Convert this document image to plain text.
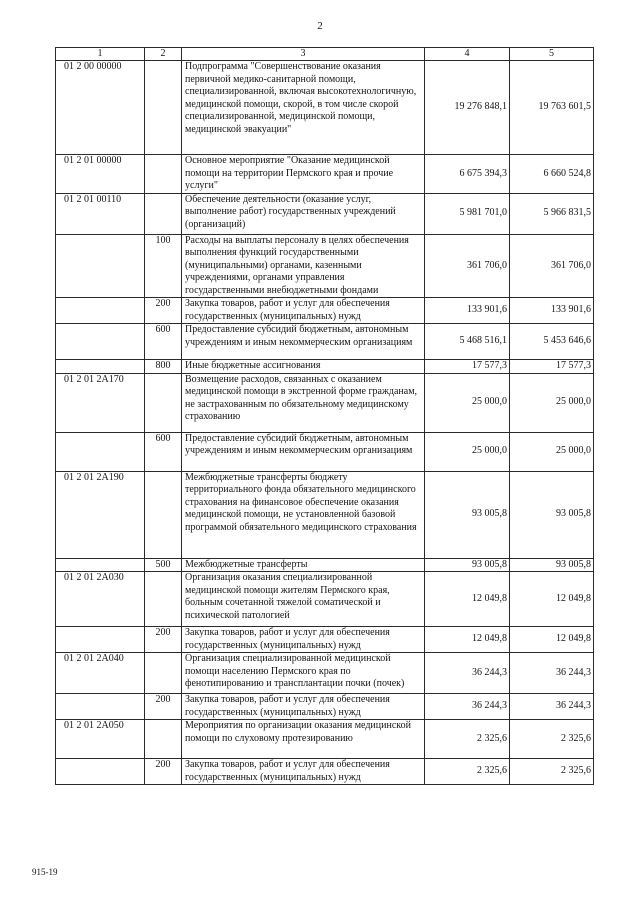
2
1	2	3	4	5
01 2 00 00000		Подпрограмма "Совершенствование оказания первичной медико-санитарной помощи, специализированной, включая высокотехнологичную, медицинской помощи, скорой, в том числе скорой специализированной, медицинской помощи, медицинской эвакуации"	19 276 848,1	19 763 601,5
01 2 01 00000		Основное мероприятие "Оказание медицинской помощи на территории Пермского края и прочие услуги"	6 675 394,3	6 660 524,8
01 2 01 00110		Обеспечение деятельности (оказание услуг, выполнение работ) государственных учреждений (организаций)	5 981 701,0	5 966 831,5
	100	Расходы на выплаты персоналу в целях обеспечения выполнения функций государственными (муниципальными) органами, казенными учреждениями, органами управления государственными внебюджетными фондами	361 706,0	361 706,0
	200	Закупка товаров, работ и услуг для обеспечения государственных (муниципальных) нужд	133 901,6	133 901,6
	600	Предоставление субсидий бюджетным, автономным учреждениям и иным некоммерческим организациям	5 468 516,1	5 453 646,6
	800	Иные бюджетные ассигнования	17 577,3	17 577,3
01 2 01 2А170		Возмещение расходов, связанных с оказанием медицинской помощи в экстренной форме гражданам, не застрахованным по обязательному медицинскому страхованию	25 000,0	25 000,0
	600	Предоставление субсидий бюджетным, автономным учреждениям и иным некоммерческим организациям	25 000,0	25 000,0
01 2 01 2А190		Межбюджетные трансферты бюджету территориального фонда обязательного медицинского страхования на финансовое обеспечение оказания медицинской помощи, не установленной базовой программой обязательного медицинского страхования	93 005,8	93 005,8
	500	Межбюджетные трансферты	93 005,8	93 005,8
01 2 01 2А030		Организация оказания специализированной медицинской помощи жителям Пермского края, больным сочетанной тяжелой соматической и психической патологией	12 049,8	12 049,8
	200	Закупка товаров, работ и услуг для обеспечения государственных (муниципальных) нужд	12 049,8	12 049,8
01 2 01 2А040		Организация специализированной медицинской помощи населению Пермского края по фенотипированию и трансплантации почки (почек)	36 244,3	36 244,3
	200	Закупка товаров, работ и услуг для обеспечения государственных (муниципальных) нужд	36 244,3	36 244,3
01 2 01 2А050		Мероприятия по организации оказания медицинской помощи по слуховому протезированию	2 325,6	2 325,6
	200	Закупка товаров, работ и услуг для обеспечения государственных (муниципальных) нужд	2 325,6	2 325,6
915-19
